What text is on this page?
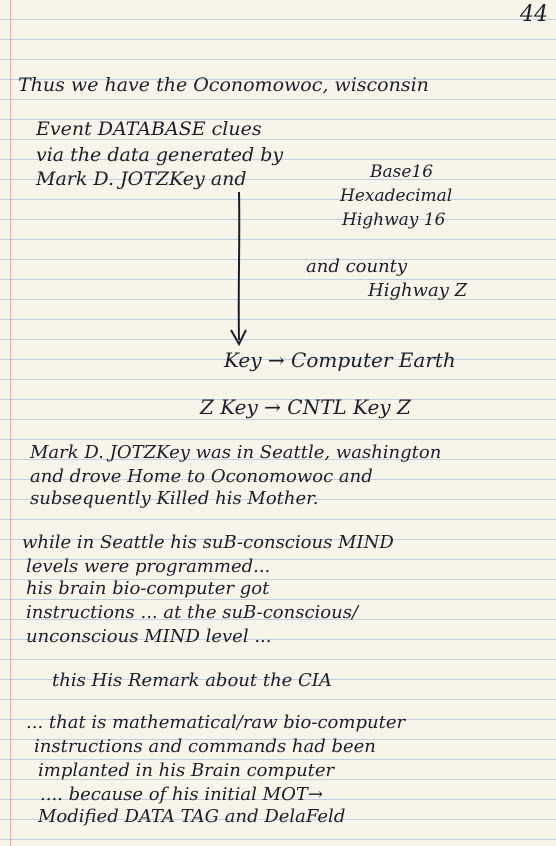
44
Thus we have the Oconomowoc, wisconsin
Event DATABASE clues
via the data generated by
Mark D. JOTZKey and	Base16
Hexadecimal
Highway 16
and county
Highway Z
Key → Computer Earth
Z Key → CNTL Key Z
Mark D. JOTZKey was in Seattle, washington
and drove Home to Oconomowoc and
subsequently Killed his Mother.
while in Seattle his suB-conscious MIND
levels were programmed...
his brain bio-computer got
instructions ... at the suB-conscious/
unconscious MIND level ...
this His Remark about the CIA
... that is mathematical/raw bio-computer
instructions and commands had been
implanted in his Brain computer
.... because of his initial MOT→
Modified DATA TAG and DelaFeld
